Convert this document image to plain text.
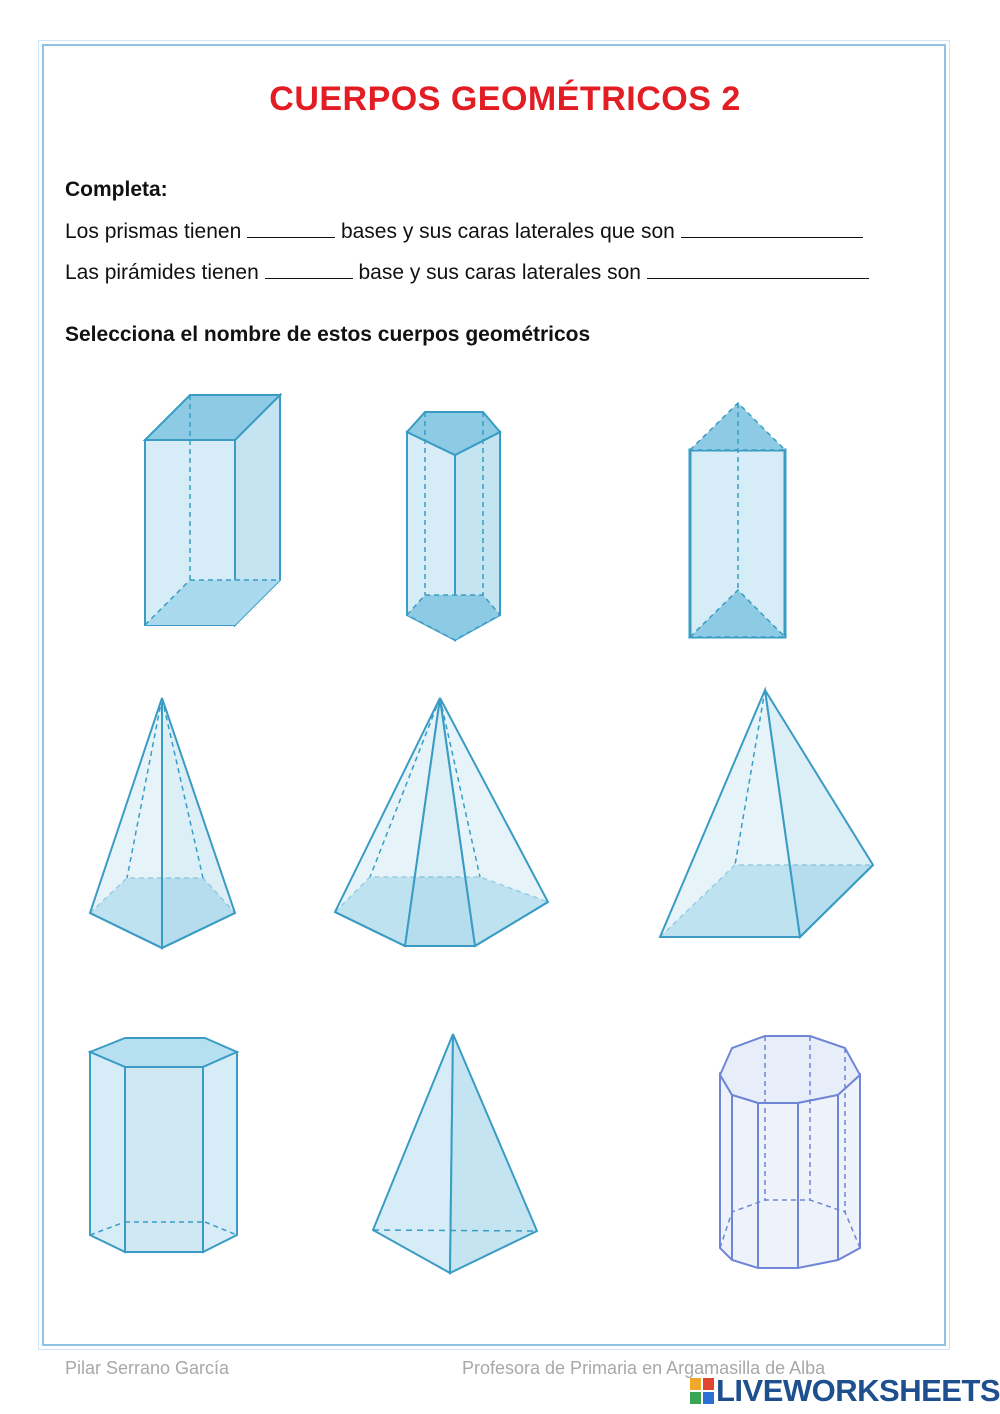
CUERPOS GEOMÉTRICOS 2
Completa:
Los prismas tienen	bases y sus caras laterales que son
Las pirámides tienen	base y sus caras laterales son
Selecciona el nombre de estos cuerpos geométricos
Pilar Serrano García	Profesora de Primaria en Argamasilla de Alba
LIVEWORKSHEETS
